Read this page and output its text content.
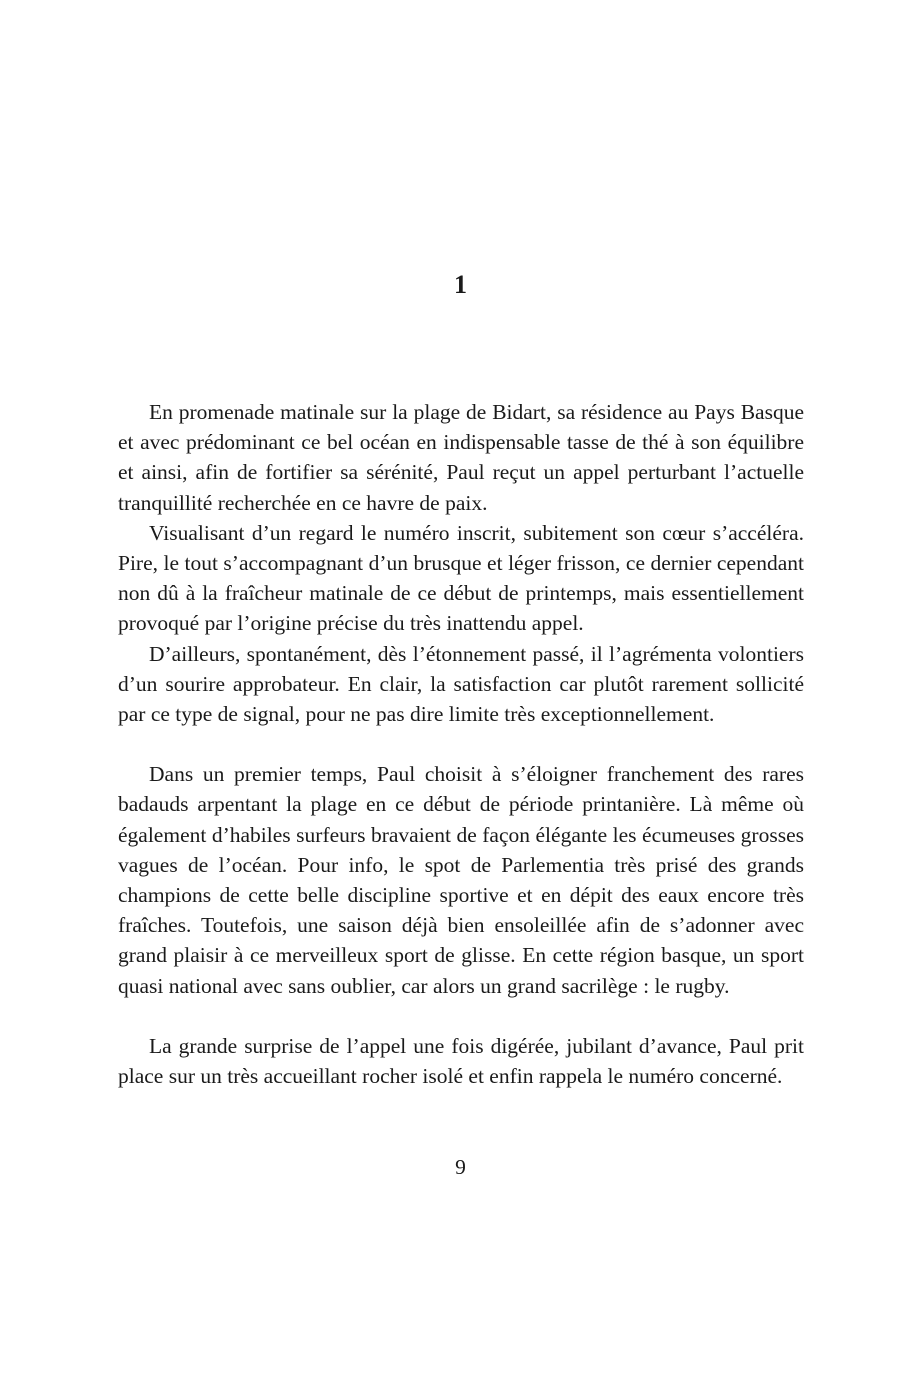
1

En promenade matinale sur la plage de Bidart, sa résidence au Pays Basque et avec prédominant ce bel océan en indispensable tasse de thé à son équilibre et ainsi, afin de fortifier sa sérénité, Paul reçut un appel perturbant l’actuelle tranquillité recherchée en ce havre de paix.

Visualisant d’un regard le numéro inscrit, subitement son cœur s’accéléra. Pire, le tout s’accompagnant d’un brusque et léger frisson, ce dernier cependant non dû à la fraîcheur matinale de ce début de printemps, mais essentiellement provoqué par l’origine précise du très inattendu appel.

D’ailleurs, spontanément, dès l’étonnement passé, il l’agrémenta volontiers d’un sourire approbateur. En clair, la satisfaction car plutôt rarement sollicité par ce type de signal, pour ne pas dire limite très exceptionnellement.

Dans un premier temps, Paul choisit à s’éloigner franchement des rares badauds arpentant la plage en ce début de période printanière. Là même où également d’habiles surfeurs bravaient de façon élégante les écumeuses grosses vagues de l’océan. Pour info, le spot de Parlementia très prisé des grands champions de cette belle discipline sportive et en dépit des eaux encore très fraîches. Toutefois, une saison déjà bien ensoleillée afin de s’adonner avec grand plaisir à ce merveilleux sport de glisse. En cette région basque, un sport quasi national avec sans oublier, car alors un grand sacrilège : le rugby.

La grande surprise de l’appel une fois digérée, jubilant d’avance, Paul prit place sur un très accueillant rocher isolé et enfin rappela le numéro concerné.

9
